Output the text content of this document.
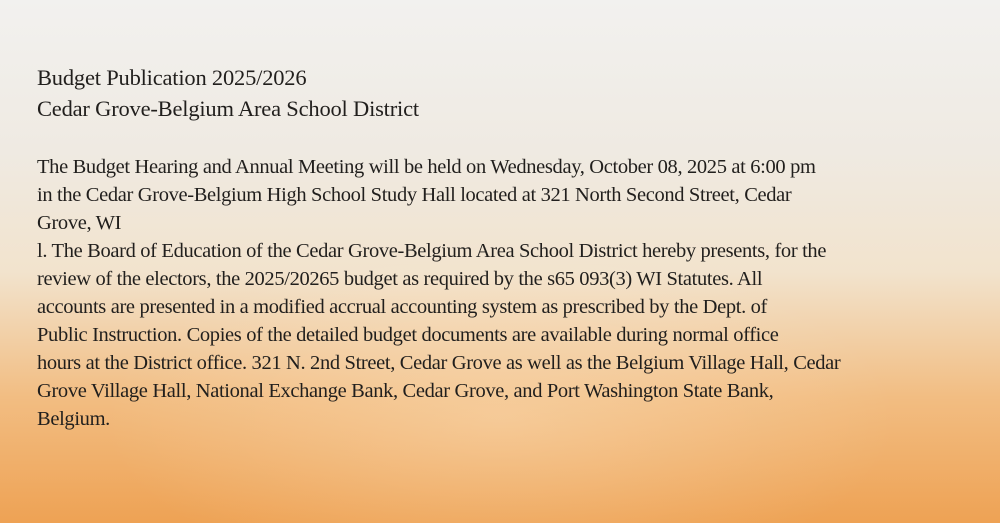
Budget Publication 2025/2026
Cedar Grove-Belgium Area School District
The Budget Hearing and Annual Meeting will be held on Wednesday, October 08, 2025 at 6:00 pm
in the Cedar Grove-Belgium High School Study Hall located at 321 North Second Street, Cedar
Grove, WI
l. The Board of Education of the Cedar Grove-Belgium Area School District hereby presents, for the
review of the electors, the 2025/20265 budget as required by the s65 093(3) WI Statutes. All
accounts are presented in a modified accrual accounting system as prescribed by the Dept. of
Public Instruction. Copies of the detailed budget documents are available during normal office
hours at the District office. 321 N. 2nd Street, Cedar Grove as well as the Belgium Village Hall, Cedar
Grove Village Hall, National Exchange Bank, Cedar Grove, and Port Washington State Bank,
Belgium.
